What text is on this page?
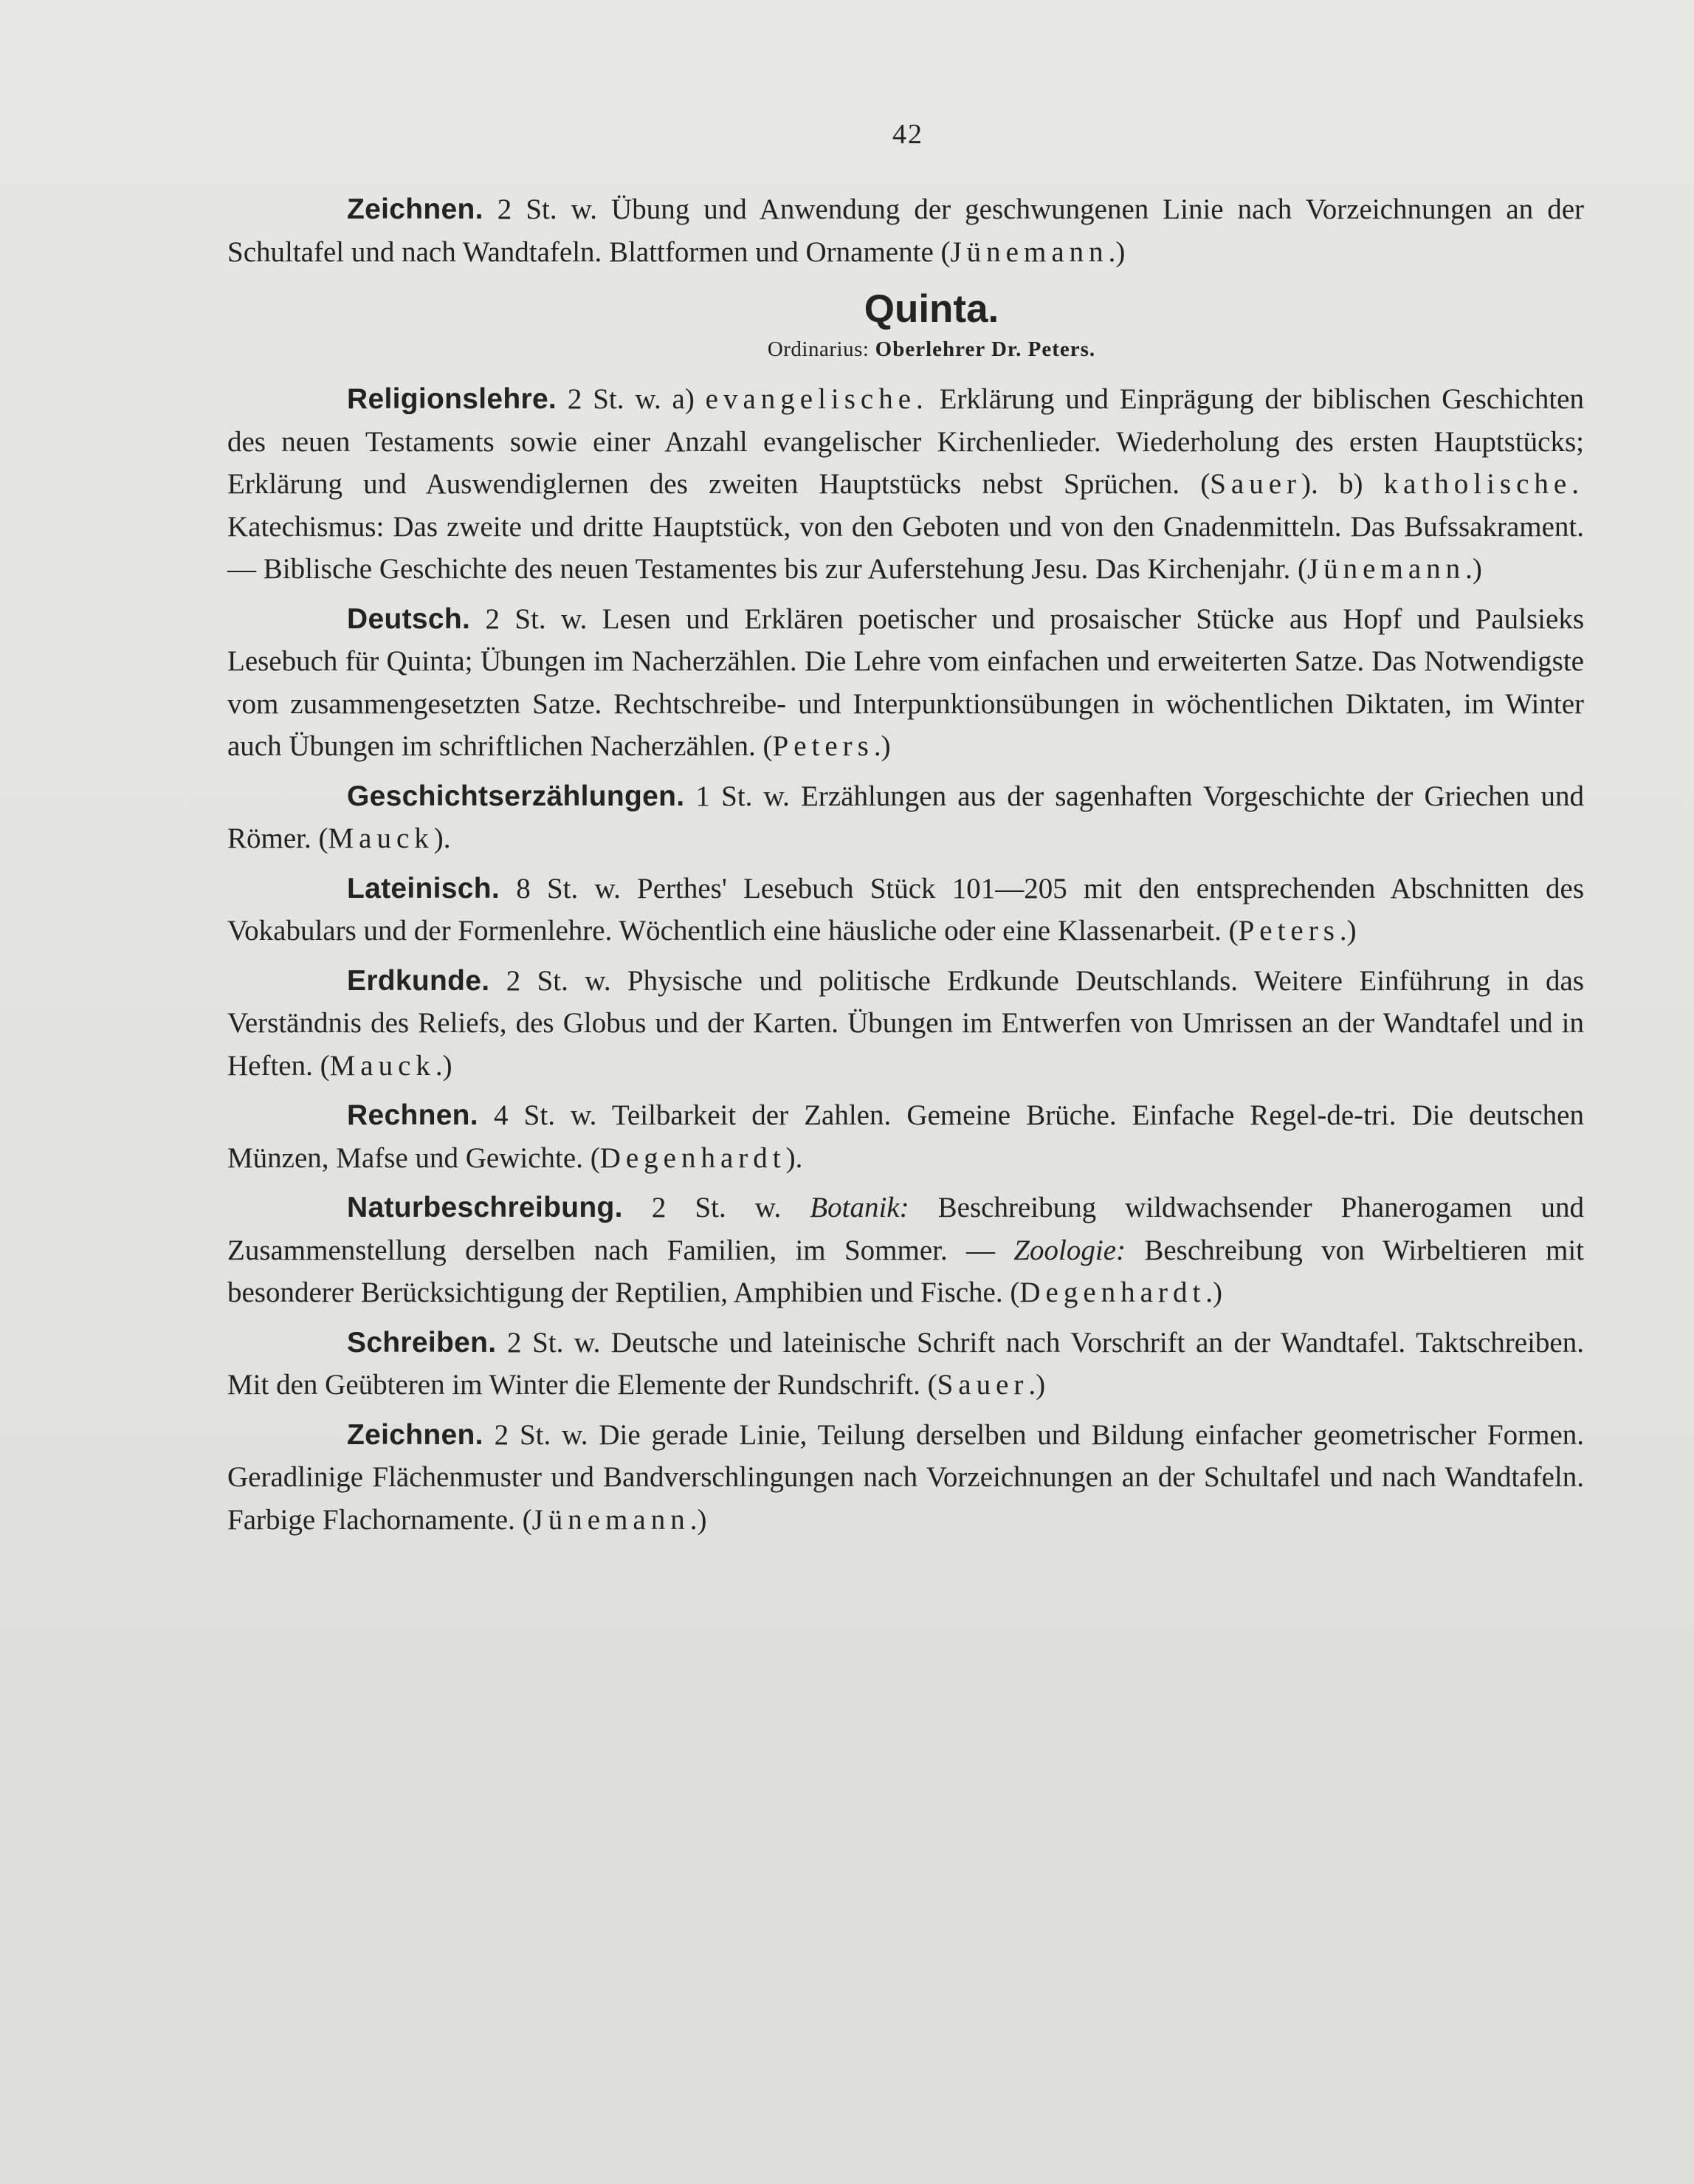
42

Zeichnen. 2 St. w. Übung und Anwendung der geschwungenen Linie nach Vorzeichnungen an der Schultafel und nach Wandtafeln. Blattformen und Ornamente (Jünemann.)

Quinta.
Ordinarius: Oberlehrer Dr. Peters.

Religionslehre. 2 St. w. a) evangelische. Erklärung und Einprägung der biblischen Geschichten des neuen Testaments sowie einer Anzahl evangelischer Kirchenlieder. Wiederholung des ersten Hauptstücks; Erklärung und Auswendiglernen des zweiten Hauptstücks nebst Sprüchen. (Sauer). b) katholische. Katechismus: Das zweite und dritte Hauptstück, von den Geboten und von den Gnadenmitteln. Das Bufssakrament. — Biblische Geschichte des neuen Testamentes bis zur Auferstehung Jesu. Das Kirchenjahr. (Jünemann.)

Deutsch. 2 St. w. Lesen und Erklären poetischer und prosaischer Stücke aus Hopf und Paulsieks Lesebuch für Quinta; Übungen im Nacherzählen. Die Lehre vom einfachen und erweiterten Satze. Das Notwendigste vom zusammengesetzten Satze. Rechtschreibe- und Interpunktionsübungen in wöchentlichen Diktaten, im Winter auch Übungen im schriftlichen Nacherzählen. (Peters.)

Geschichtserzählungen. 1 St. w. Erzählungen aus der sagenhaften Vorgeschichte der Griechen und Römer. (Mauck).

Lateinisch. 8 St. w. Perthes' Lesebuch Stück 101—205 mit den entsprechenden Abschnitten des Vokabulars und der Formenlehre. Wöchentlich eine häusliche oder eine Klassenarbeit. (Peters.)

Erdkunde. 2 St. w. Physische und politische Erdkunde Deutschlands. Weitere Einführung in das Verständnis des Reliefs, des Globus und der Karten. Übungen im Entwerfen von Umrissen an der Wandtafel und in Heften. (Mauck.)

Rechnen. 4 St. w. Teilbarkeit der Zahlen. Gemeine Brüche. Einfache Regel-de-tri. Die deutschen Münzen, Mafse und Gewichte. (Degenhardt).

Naturbeschreibung. 2 St. w. Botanik: Beschreibung wildwachsender Phanerogamen und Zusammenstellung derselben nach Familien, im Sommer. — Zoologie: Beschreibung von Wirbeltieren mit besonderer Berücksichtigung der Reptilien, Amphibien und Fische. (Degenhardt.)

Schreiben. 2 St. w. Deutsche und lateinische Schrift nach Vorschrift an der Wandtafel. Taktschreiben. Mit den Geübteren im Winter die Elemente der Rundschrift. (Sauer.)

Zeichnen. 2 St. w. Die gerade Linie, Teilung derselben und Bildung einfacher geometrischer Formen. Geradlinige Flächenmuster und Bandverschlingungen nach Vorzeichnungen an der Schultafel und nach Wandtafeln. Farbige Flachornamente. (Jünemann.)
